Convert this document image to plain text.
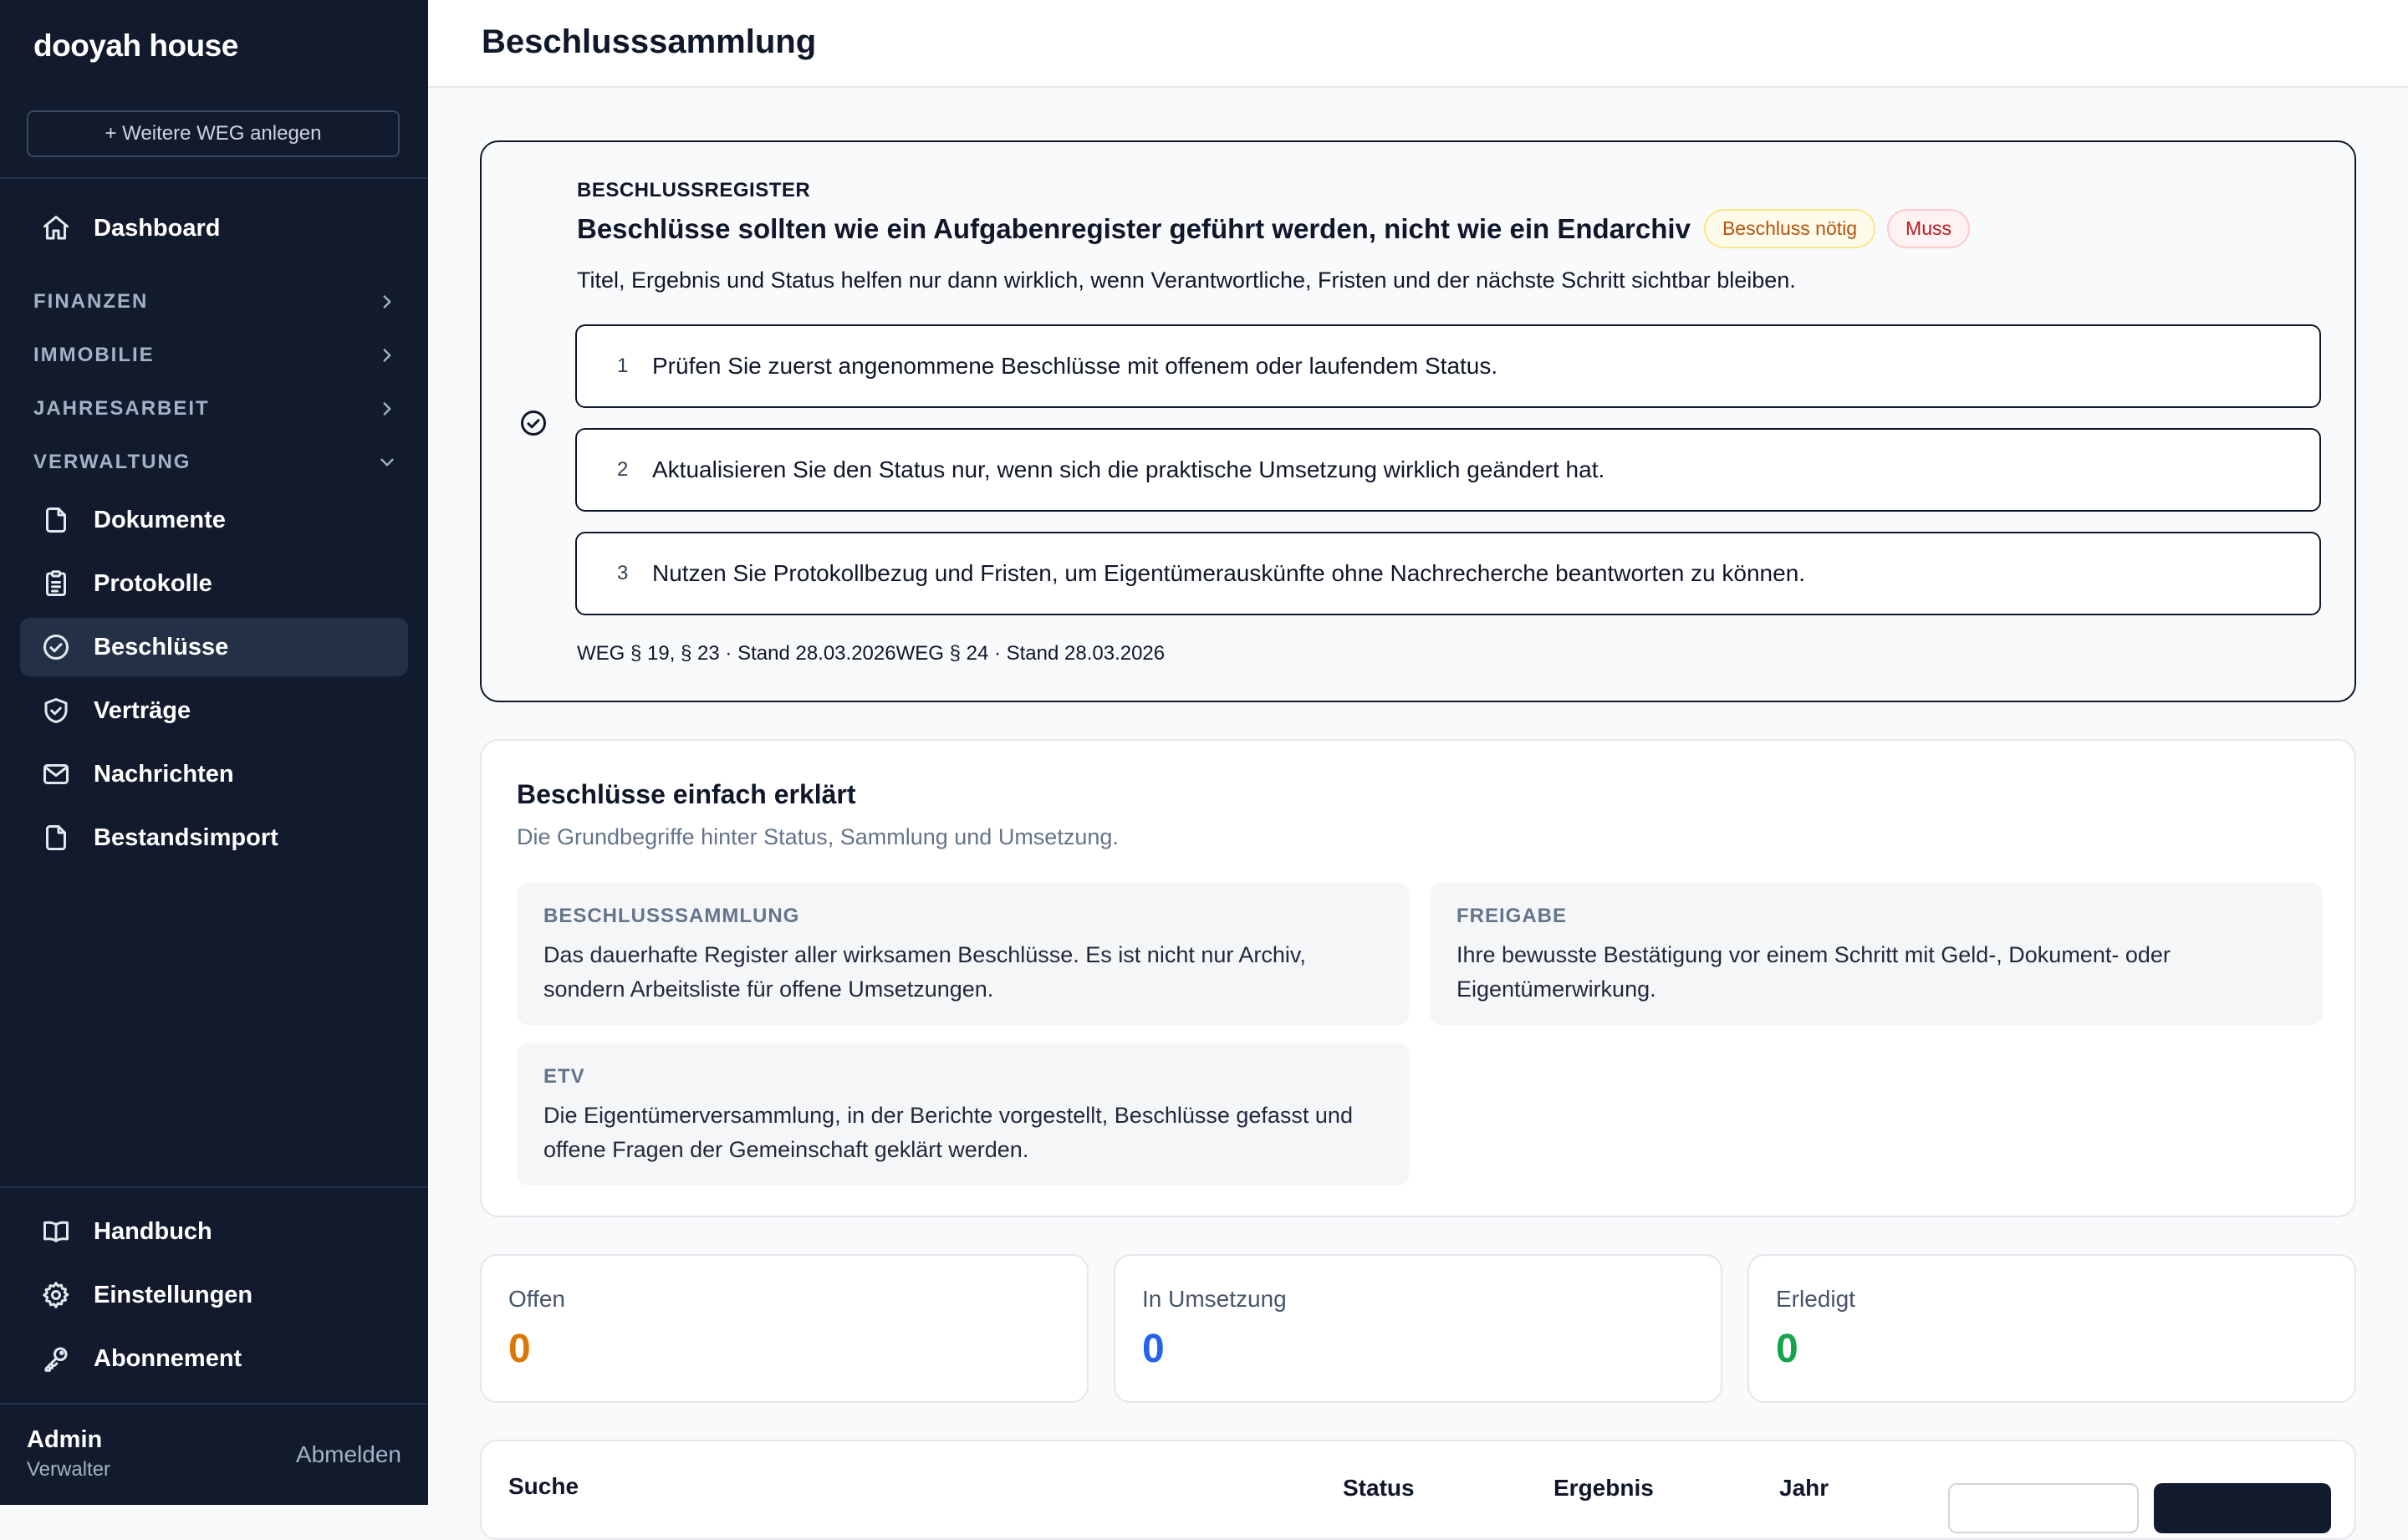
dooyah house
+ Weitere WEG anlegen
Dashboard
FINANZEN
IMMOBILIE
JAHRESARBEIT
VERWALTUNG
Dokumente
Protokolle
Beschlüsse
Verträge
Nachrichten
Bestandsimport
Handbuch
Einstellungen
Abonnement
Admin
Verwalter
Abmelden
Beschlusssammlung
BESCHLUSSREGISTER
Beschlüsse sollten wie ein Aufgabenregister geführt werden, nicht wie ein Endarchiv	Beschluss nötig	Muss
Titel, Ergebnis und Status helfen nur dann wirklich, wenn Verantwortliche, Fristen und der nächste Schritt sichtbar bleiben.
1	Prüfen Sie zuerst angenommene Beschlüsse mit offenem oder laufendem Status.
2	Aktualisieren Sie den Status nur, wenn sich die praktische Umsetzung wirklich geändert hat.
3	Nutzen Sie Protokollbezug und Fristen, um Eigentümerauskünfte ohne Nachrecherche beantworten zu können.
WEG § 19, § 23 · Stand 28.03.2026WEG § 24 · Stand 28.03.2026
Beschlüsse einfach erklärt
Die Grundbegriffe hinter Status, Sammlung und Umsetzung.
BESCHLUSSSAMMLUNG
Das dauerhafte Register aller wirksamen Beschlüsse. Es ist nicht nur Archiv, sondern Arbeitsliste für offene Umsetzungen.
FREIGABE
Ihre bewusste Bestätigung vor einem Schritt mit Geld-, Dokument- oder Eigentümerwirkung.
ETV
Die Eigentümerversammlung, in der Berichte vorgestellt, Beschlüsse gefasst und offene Fragen der Gemeinschaft geklärt werden.
Offen
0
In Umsetzung
0
Erledigt
0
Suche	Status	Ergebnis	Jahr
